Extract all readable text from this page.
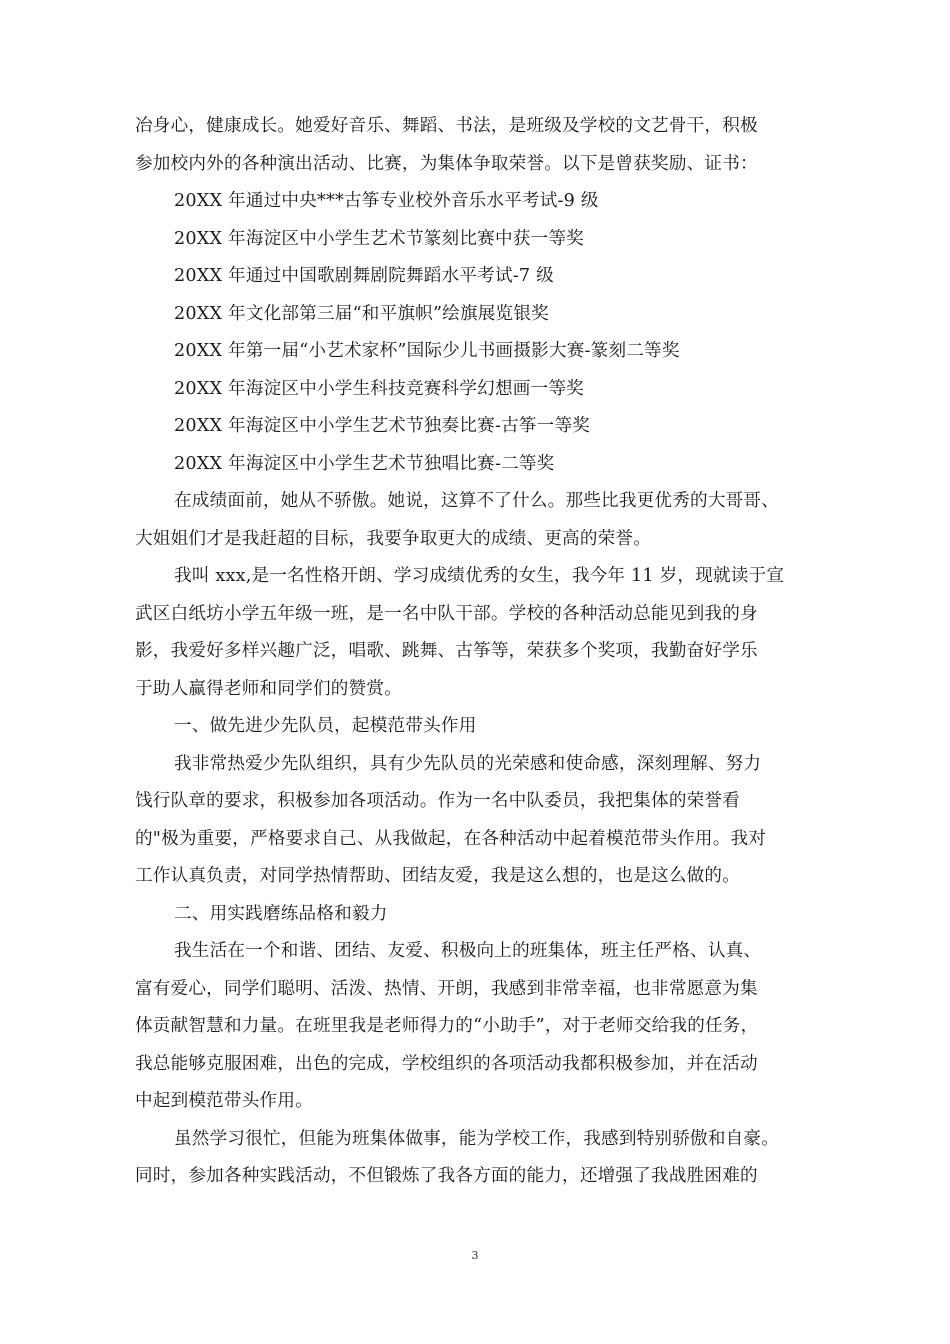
冶身心，健康成长。她爱好音乐、舞蹈、书法，是班级及学校的文艺骨干，积极
参加校内外的各种演出活动、比赛，为集体争取荣誉。以下是曾获奖励、证书：
20XX 年通过中央***古筝专业校外音乐水平考试-9 级
20XX 年海淀区中小学生艺术节篆刻比赛中获一等奖
20XX 年通过中国歌剧舞剧院舞蹈水平考试-7 级
20XX 年文化部第三届“和平旗帜”绘旗展览银奖
20XX 年第一届“小艺术家杯”国际少儿书画摄影大赛-篆刻二等奖
20XX 年海淀区中小学生科技竞赛科学幻想画一等奖
20XX 年海淀区中小学生艺术节独奏比赛-古筝一等奖
20XX 年海淀区中小学生艺术节独唱比赛-二等奖
在成绩面前，她从不骄傲。她说，这算不了什么。那些比我更优秀的大哥哥、
大姐姐们才是我赶超的目标，我要争取更大的成绩、更高的荣誉。
我叫 xxx,是一名性格开朗、学习成绩优秀的女生，我今年 11 岁，现就读于宣
武区白纸坊小学五年级一班，是一名中队干部。学校的各种活动总能见到我的身
影，我爱好多样兴趣广泛，唱歌、跳舞、古筝等，荣获多个奖项，我勤奋好学乐
于助人赢得老师和同学们的赞赏。
一、做先进少先队员，起模范带头作用
我非常热爱少先队组织，具有少先队员的光荣感和使命感，深刻理解、努力
饯行队章的要求，积极参加各项活动。作为一名中队委员，我把集体的荣誉看
的"极为重要，严格要求自己、从我做起，在各种活动中起着模范带头作用。我对
工作认真负责，对同学热情帮助、团结友爱，我是这么想的，也是这么做的。
二、用实践磨练品格和毅力
我生活在一个和谐、团结、友爱、积极向上的班集体，班主任严格、认真、
富有爱心，同学们聪明、活泼、热情、开朗，我感到非常幸福，也非常愿意为集
体贡献智慧和力量。在班里我是老师得力的“小助手”，对于老师交给我的任务，
我总能够克服困难，出色的完成，学校组织的各项活动我都积极参加，并在活动
中起到模范带头作用。
虽然学习很忙，但能为班集体做事，能为学校工作，我感到特别骄傲和自豪。
同时，参加各种实践活动，不但锻炼了我各方面的能力，还增强了我战胜困难的
3
